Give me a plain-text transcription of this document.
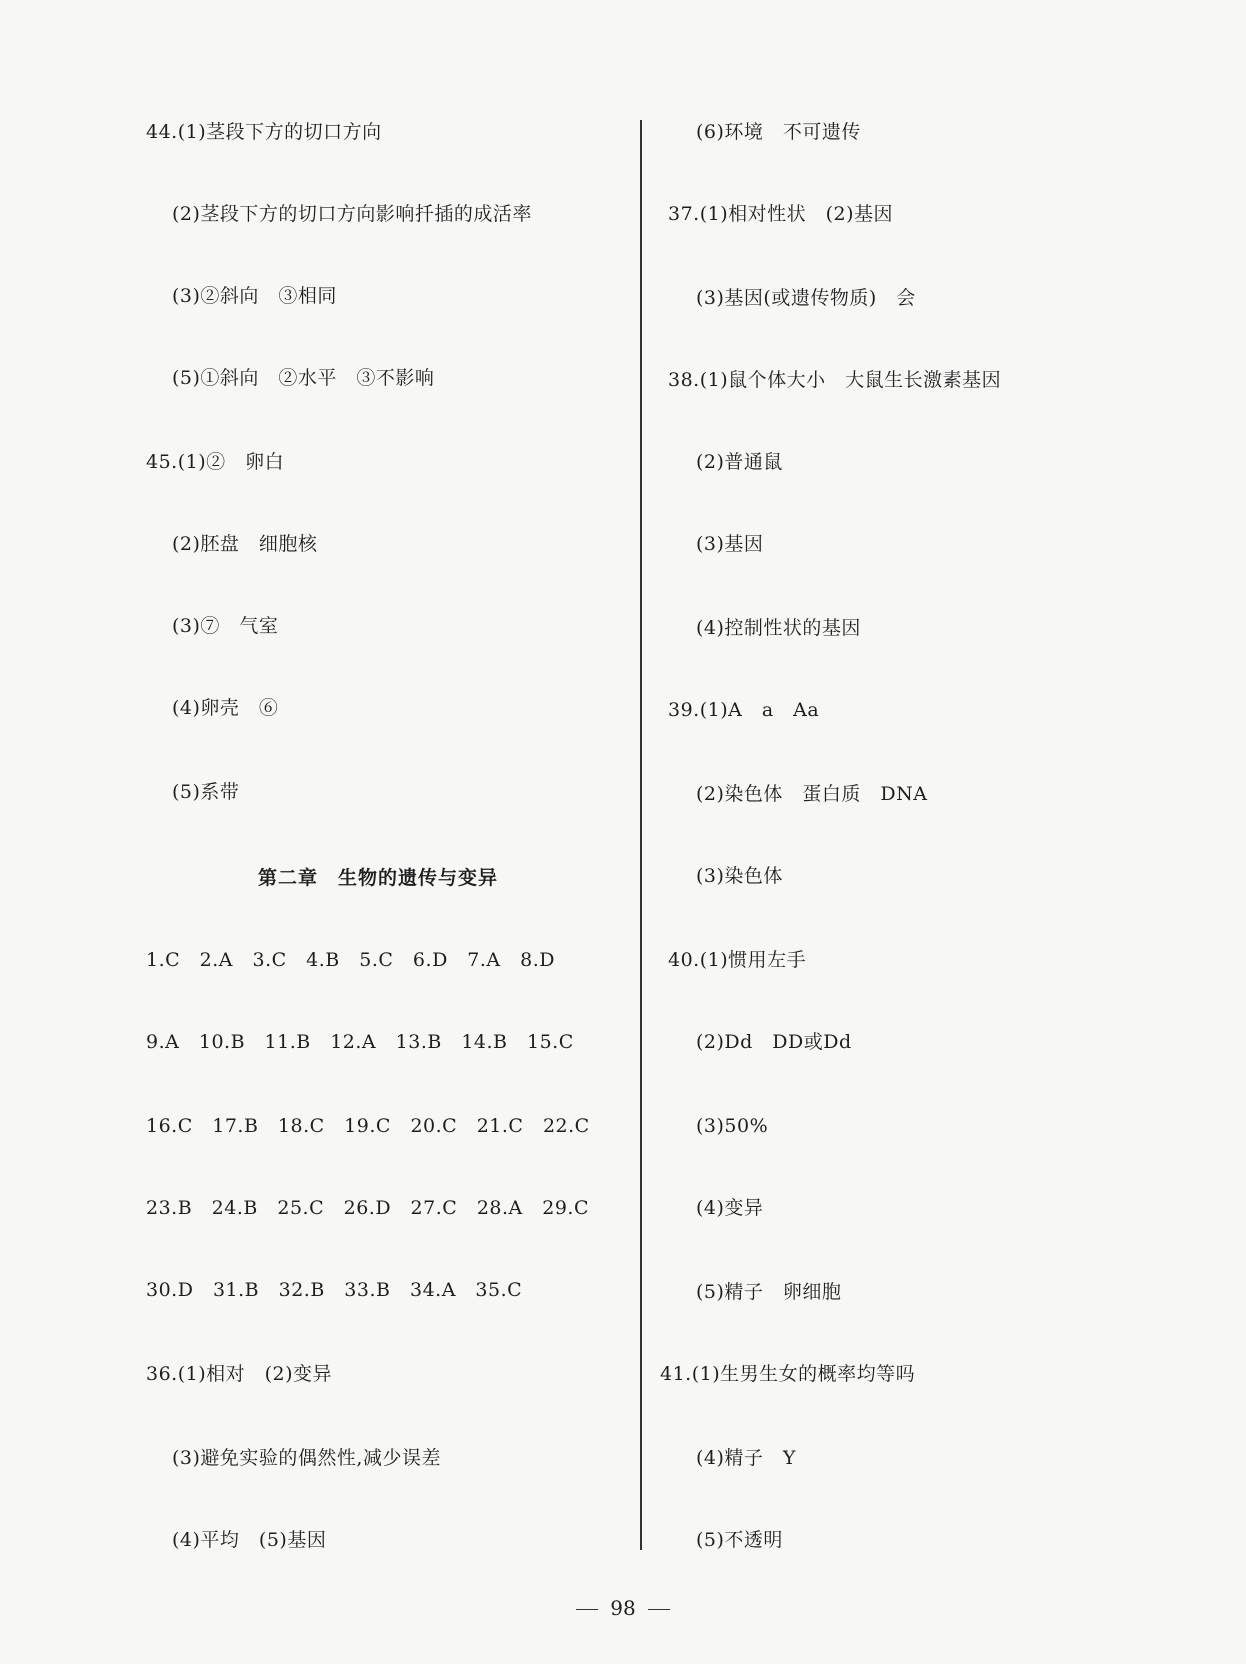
44.(1)茎段下方的切口方向
(2)茎段下方的切口方向影响扦插的成活率
(3)②斜向　③相同
(5)①斜向　②水平　③不影响
45.(1)②　卵白
(2)胚盘　细胞核
(3)⑦　气室
(4)卵壳　⑥
(5)系带
第二章　生物的遗传与变异
1.C　2.A　3.C　4.B　5.C　6.D　7.A　8.D
9.A　10.B　11.B　12.A　13.B　14.B　15.C
16.C　17.B　18.C　19.C　20.C　21.C　22.C
23.B　24.B　25.C　26.D　27.C　28.A　29.C
30.D　31.B　32.B　33.B　34.A　35.C
36.(1)相对　(2)变异
(3)避免实验的偶然性,减少误差
(4)平均　(5)基因
(6)环境　不可遗传
37.(1)相对性状　(2)基因
(3)基因(或遗传物质)　会
38.(1)鼠个体大小　大鼠生长激素基因
(2)普通鼠
(3)基因
(4)控制性状的基因
39.(1)A　a　Aa
(2)染色体　蛋白质　DNA
(3)染色体
40.(1)惯用左手
(2)Dd　DD或Dd
(3)50%
(4)变异
(5)精子　卵细胞
41.(1)生男生女的概率均等吗
(4)精子　Y
(5)不透明
98
